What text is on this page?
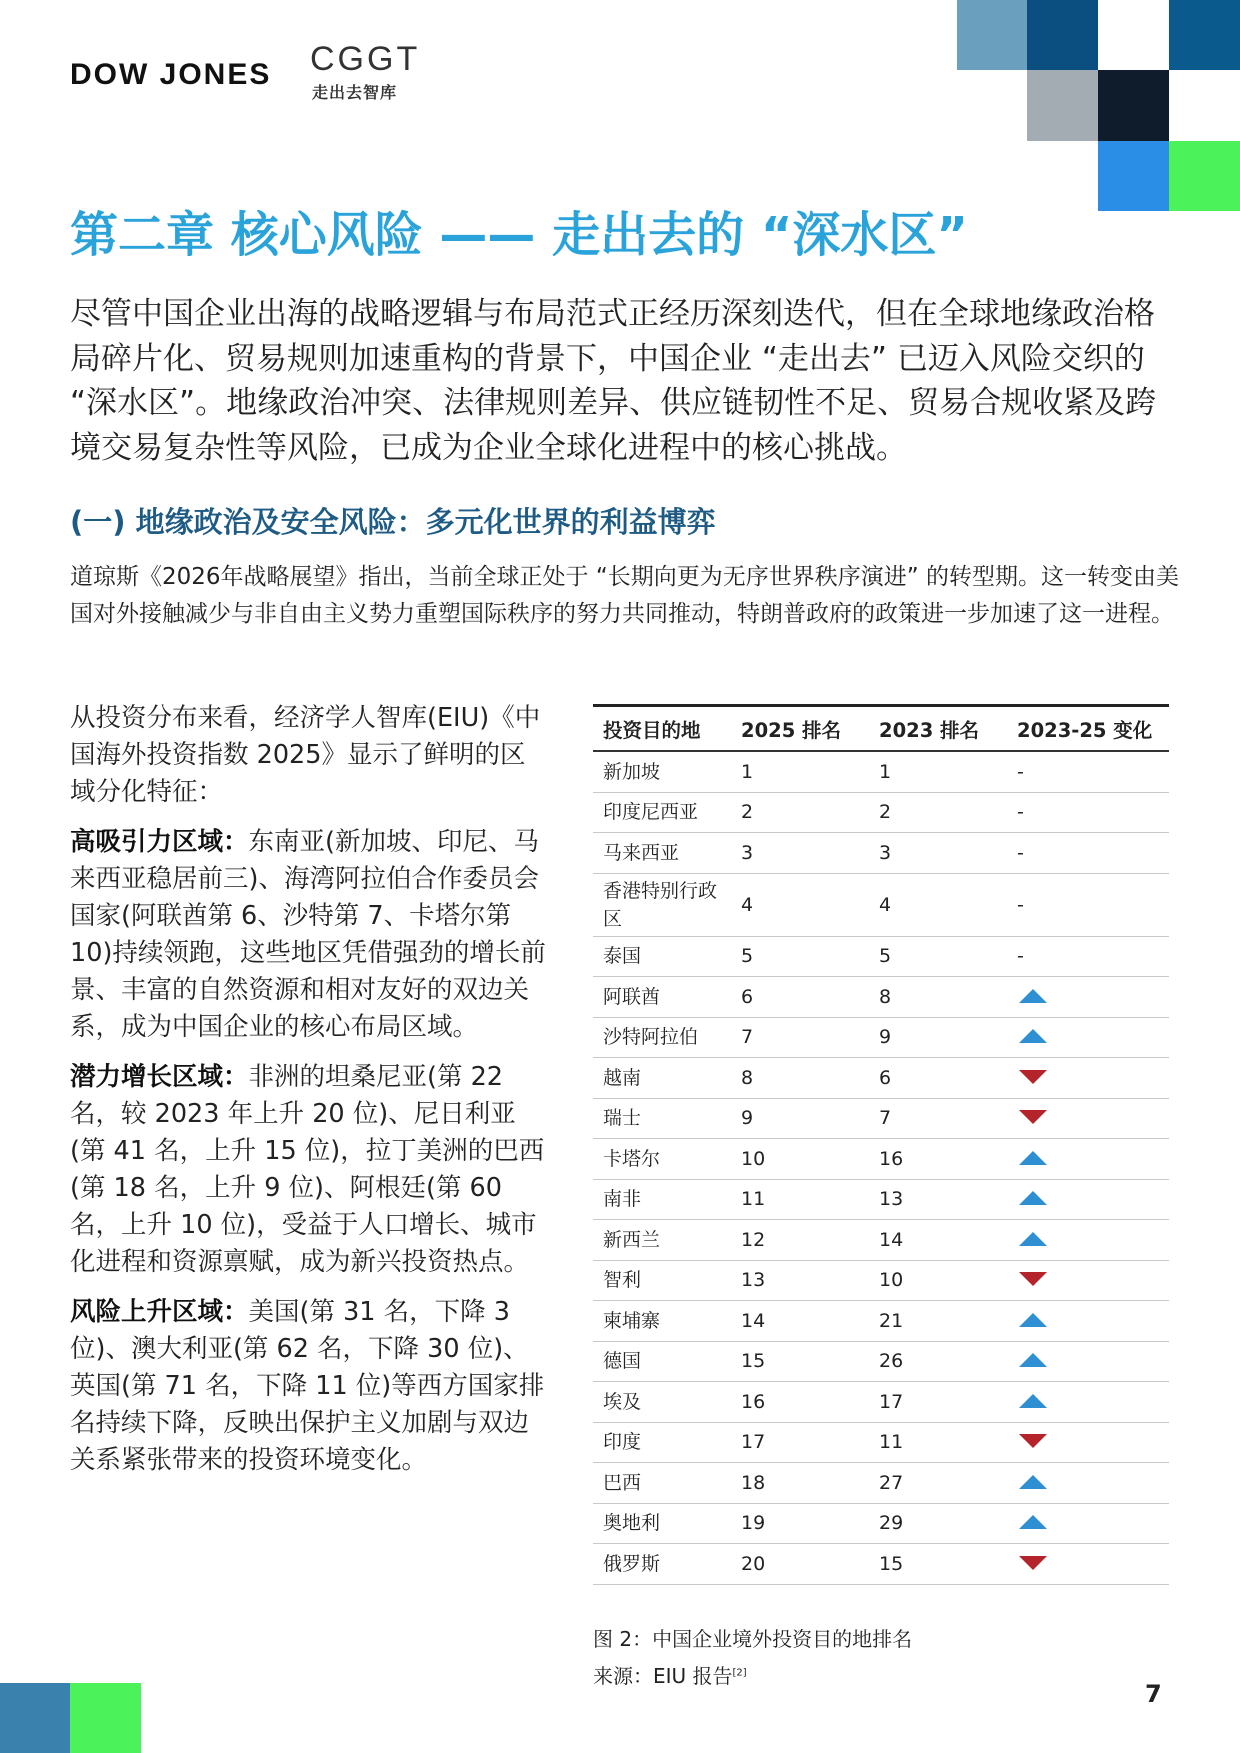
DOW JONES CGGT
走出去智库
第二章 核心风险 —— 走出去的 “深水区”
尽管中国企业出海的战略逻辑与布局范式正经历深刻迭代，但在全球地缘政治格局碎片化、贸易规则加速重构的背景下，中国企业 “走出去” 已迈入风险交织的 “深水区”。地缘政治冲突、法律规则差异、供应链韧性不足、贸易合规收紧及跨境交易复杂性等风险，已成为企业全球化进程中的核心挑战。
(一) 地缘政治及安全风险：多元化世界的利益博弈
道琼斯《2026年战略展望》指出，当前全球正处于 “长期向更为无序世界秩序演进” 的转型期。这一转变由美国对外接触减少与非自由主义势力重塑国际秩序的努力共同推动，特朗普政府的政策进一步加速了这一进程。

从投资分布来看，经济学人智库(EIU)《中国海外投资指数 2025》显示了鲜明的区域分化特征：

高吸引力区域：东南亚(新加坡、印尼、马来西亚稳居前三)、海湾阿拉伯合作委员会国家(阿联酋第 6、沙特第 7、卡塔尔第 10)持续领跑，这些地区凭借强劲的增长前景、丰富的自然资源和相对友好的双边关系，成为中国企业的核心布局区域。

潜力增长区域：非洲的坦桑尼亚(第 22 名，较 2023 年上升 20 位)、尼日利亚(第 41 名，上升 15 位)，拉丁美洲的巴西(第 18 名，上升 9 位)、阿根廷(第 60 名，上升 10 位)，受益于人口增长、城市化进程和资源禀赋，成为新兴投资热点。

风险上升区域：美国(第 31 名，下降 3 位)、澳大利亚(第 62 名，下降 30 位)、英国(第 71 名，下降 11 位)等西方国家排名持续下降，反映出保护主义加剧与双边关系紧张带来的投资环境变化。

投资目的地	2025 排名	2023 排名	2023-25 变化
新加坡	1	1	-
印度尼西亚	2	2	-
马来西亚	3	3	-
香港特别行政区	4	4	-
泰国	5	5	-
阿联酋	6	8	
沙特阿拉伯	7	9	
越南	8	6	
瑞士	9	7	
卡塔尔	10	16	
南非	11	13	
新西兰	12	14	
智利	13	10	
柬埔寨	14	21	
德国	15	26	
埃及	16	17	
印度	17	11	
巴西	18	27	
奥地利	19	29	
俄罗斯	20	15	
图 2：中国企业境外投资目的地排名
来源：EIU 报告[2]
7
